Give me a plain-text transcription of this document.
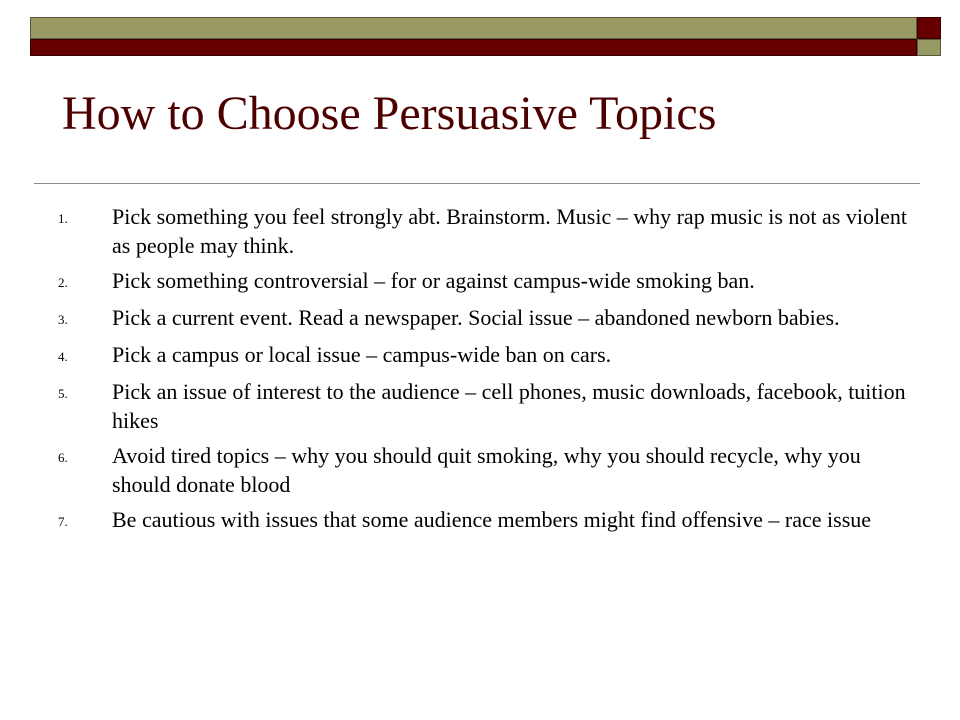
How to Choose Persuasive Topics
1.	Pick something you feel strongly abt. Brainstorm. Music – why rap music is not as violent as people may think.
2.	Pick something controversial – for or against campus-wide smoking ban.
3.	Pick a current event. Read a newspaper. Social issue – abandoned newborn babies.
4.	Pick a campus or local issue – campus-wide ban on cars.
5.	Pick an issue of interest to the audience – cell phones, music downloads, facebook, tuition hikes
6.	Avoid tired topics – why you should quit smoking, why you should recycle, why you should donate blood
7.	Be cautious with issues that some audience members might find offensive – race issue
